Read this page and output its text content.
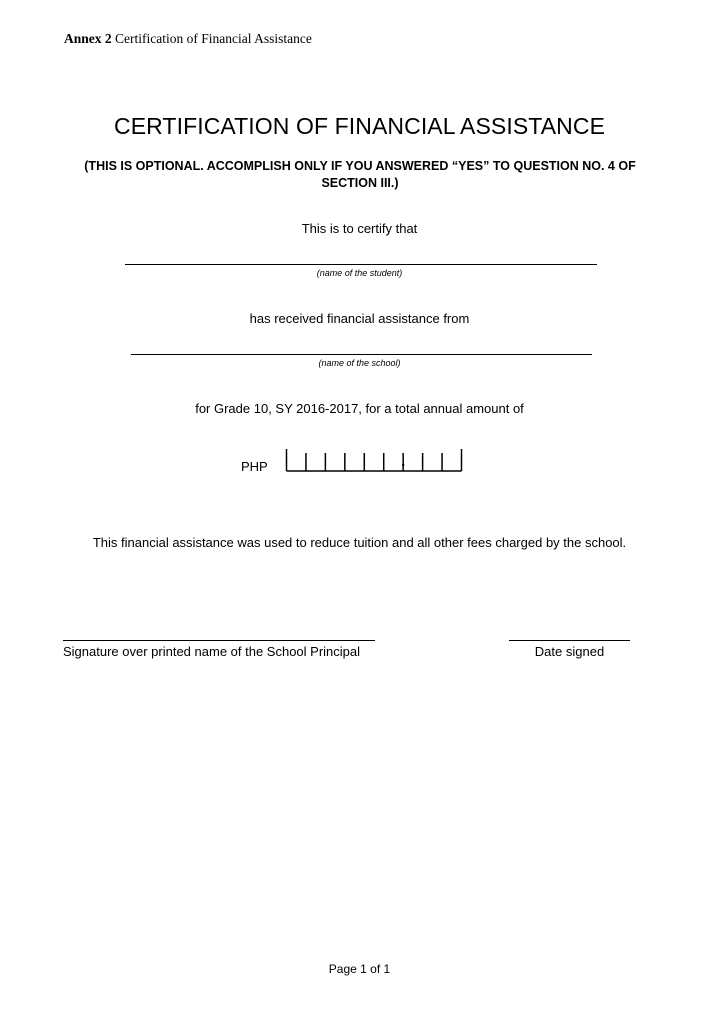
Annex 2 Certification of Financial Assistance
CERTIFICATION OF FINANCIAL ASSISTANCE
(THIS IS OPTIONAL. ACCOMPLISH ONLY IF YOU ANSWERED “YES” TO QUESTION NO. 4 OF SECTION III.)
This is to certify that
(name of the student)
has received financial assistance from
(name of the school)
for Grade 10, SY 2016-2017, for a total annual amount of
PHP
This financial assistance was used to reduce tuition and all other fees charged by the school.
Signature over printed name of the School Principal	Date signed
Page 1 of 1
